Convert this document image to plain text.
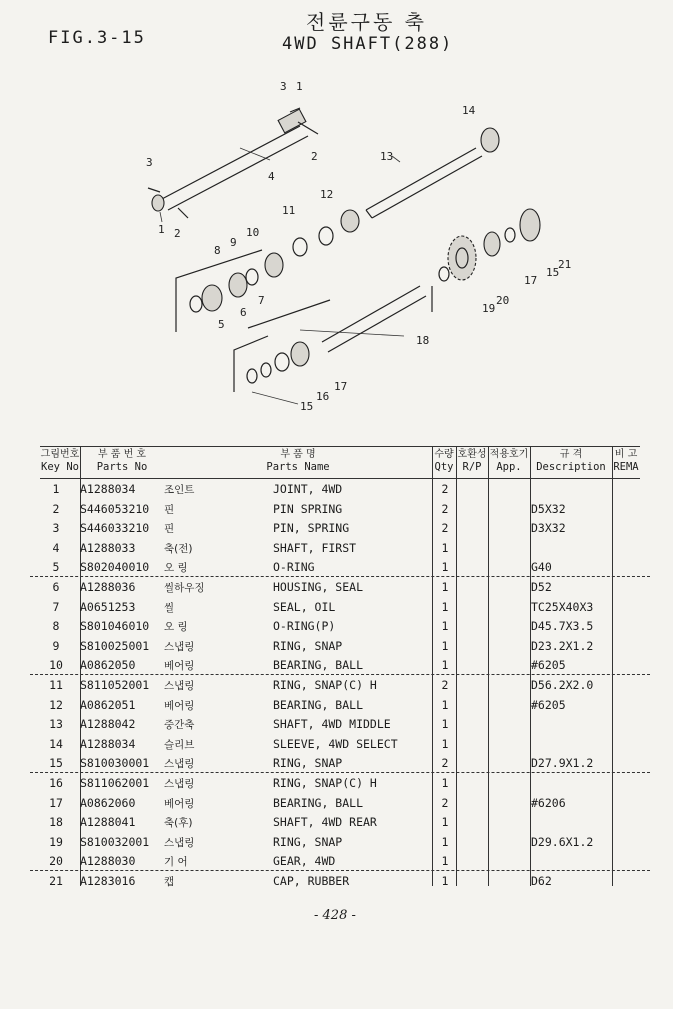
FIG.3-15
전륜구동 축
4WD SHAFT(288)
3 1
2
4
3
1 2
14
13
12
11
10
9
8
7
6
5
18
17
16
15
19
20
17
15
21
그림번호
Key No
부 품 번 호
Parts No
부 품 명
Parts Name
수량
Qty
호환성
R/P
적용호기
App.
규 격
Description
비 고
REMA
1	A1288034	조인트	JOINT, 4WD	2
2	S446053210 핀	PIN SPRING	2	D5X32
3	S446033210 핀	PIN, SPRING	2	D3X32
4	A1288033	축(전)	SHAFT, FIRST	1
5	S802040010 오 링	O-RING	1	G40
6	A1288036	씰하우징	HOUSING, SEAL	1	D52
7	A0651253	씰	SEAL, OIL	1	TC25X40X3
8	S801046010 오 링	O-RING(P)	1	D45.7X3.5
9	S810025001 스냅링	RING, SNAP	1	D23.2X1.2
10	A0862050	베어링	BEARING, BALL	1	#6205
11	S811052001 스냅링	RING, SNAP(C) H	2	D56.2X2.0
12	A0862051	베어링	BEARING, BALL	1	#6205
13	A1288042	중간축	SHAFT, 4WD MIDDLE	1
14	A1288034	슬리브	SLEEVE, 4WD SELECT	1
15	S810030001 스냅링	RING, SNAP	2	D27.9X1.2
16	S811062001 스냅링	RING, SNAP(C) H	1
17	A0862060	베어링	BEARING, BALL	2	#6206
18	A1288041	축(후)	SHAFT, 4WD REAR	1
19	S810032001 스냅링	RING, SNAP	1	D29.6X1.2
20	A1288030	기 어	GEAR, 4WD	1
21	A1283016	캡	CAP, RUBBER	1	D62
- 428 -
